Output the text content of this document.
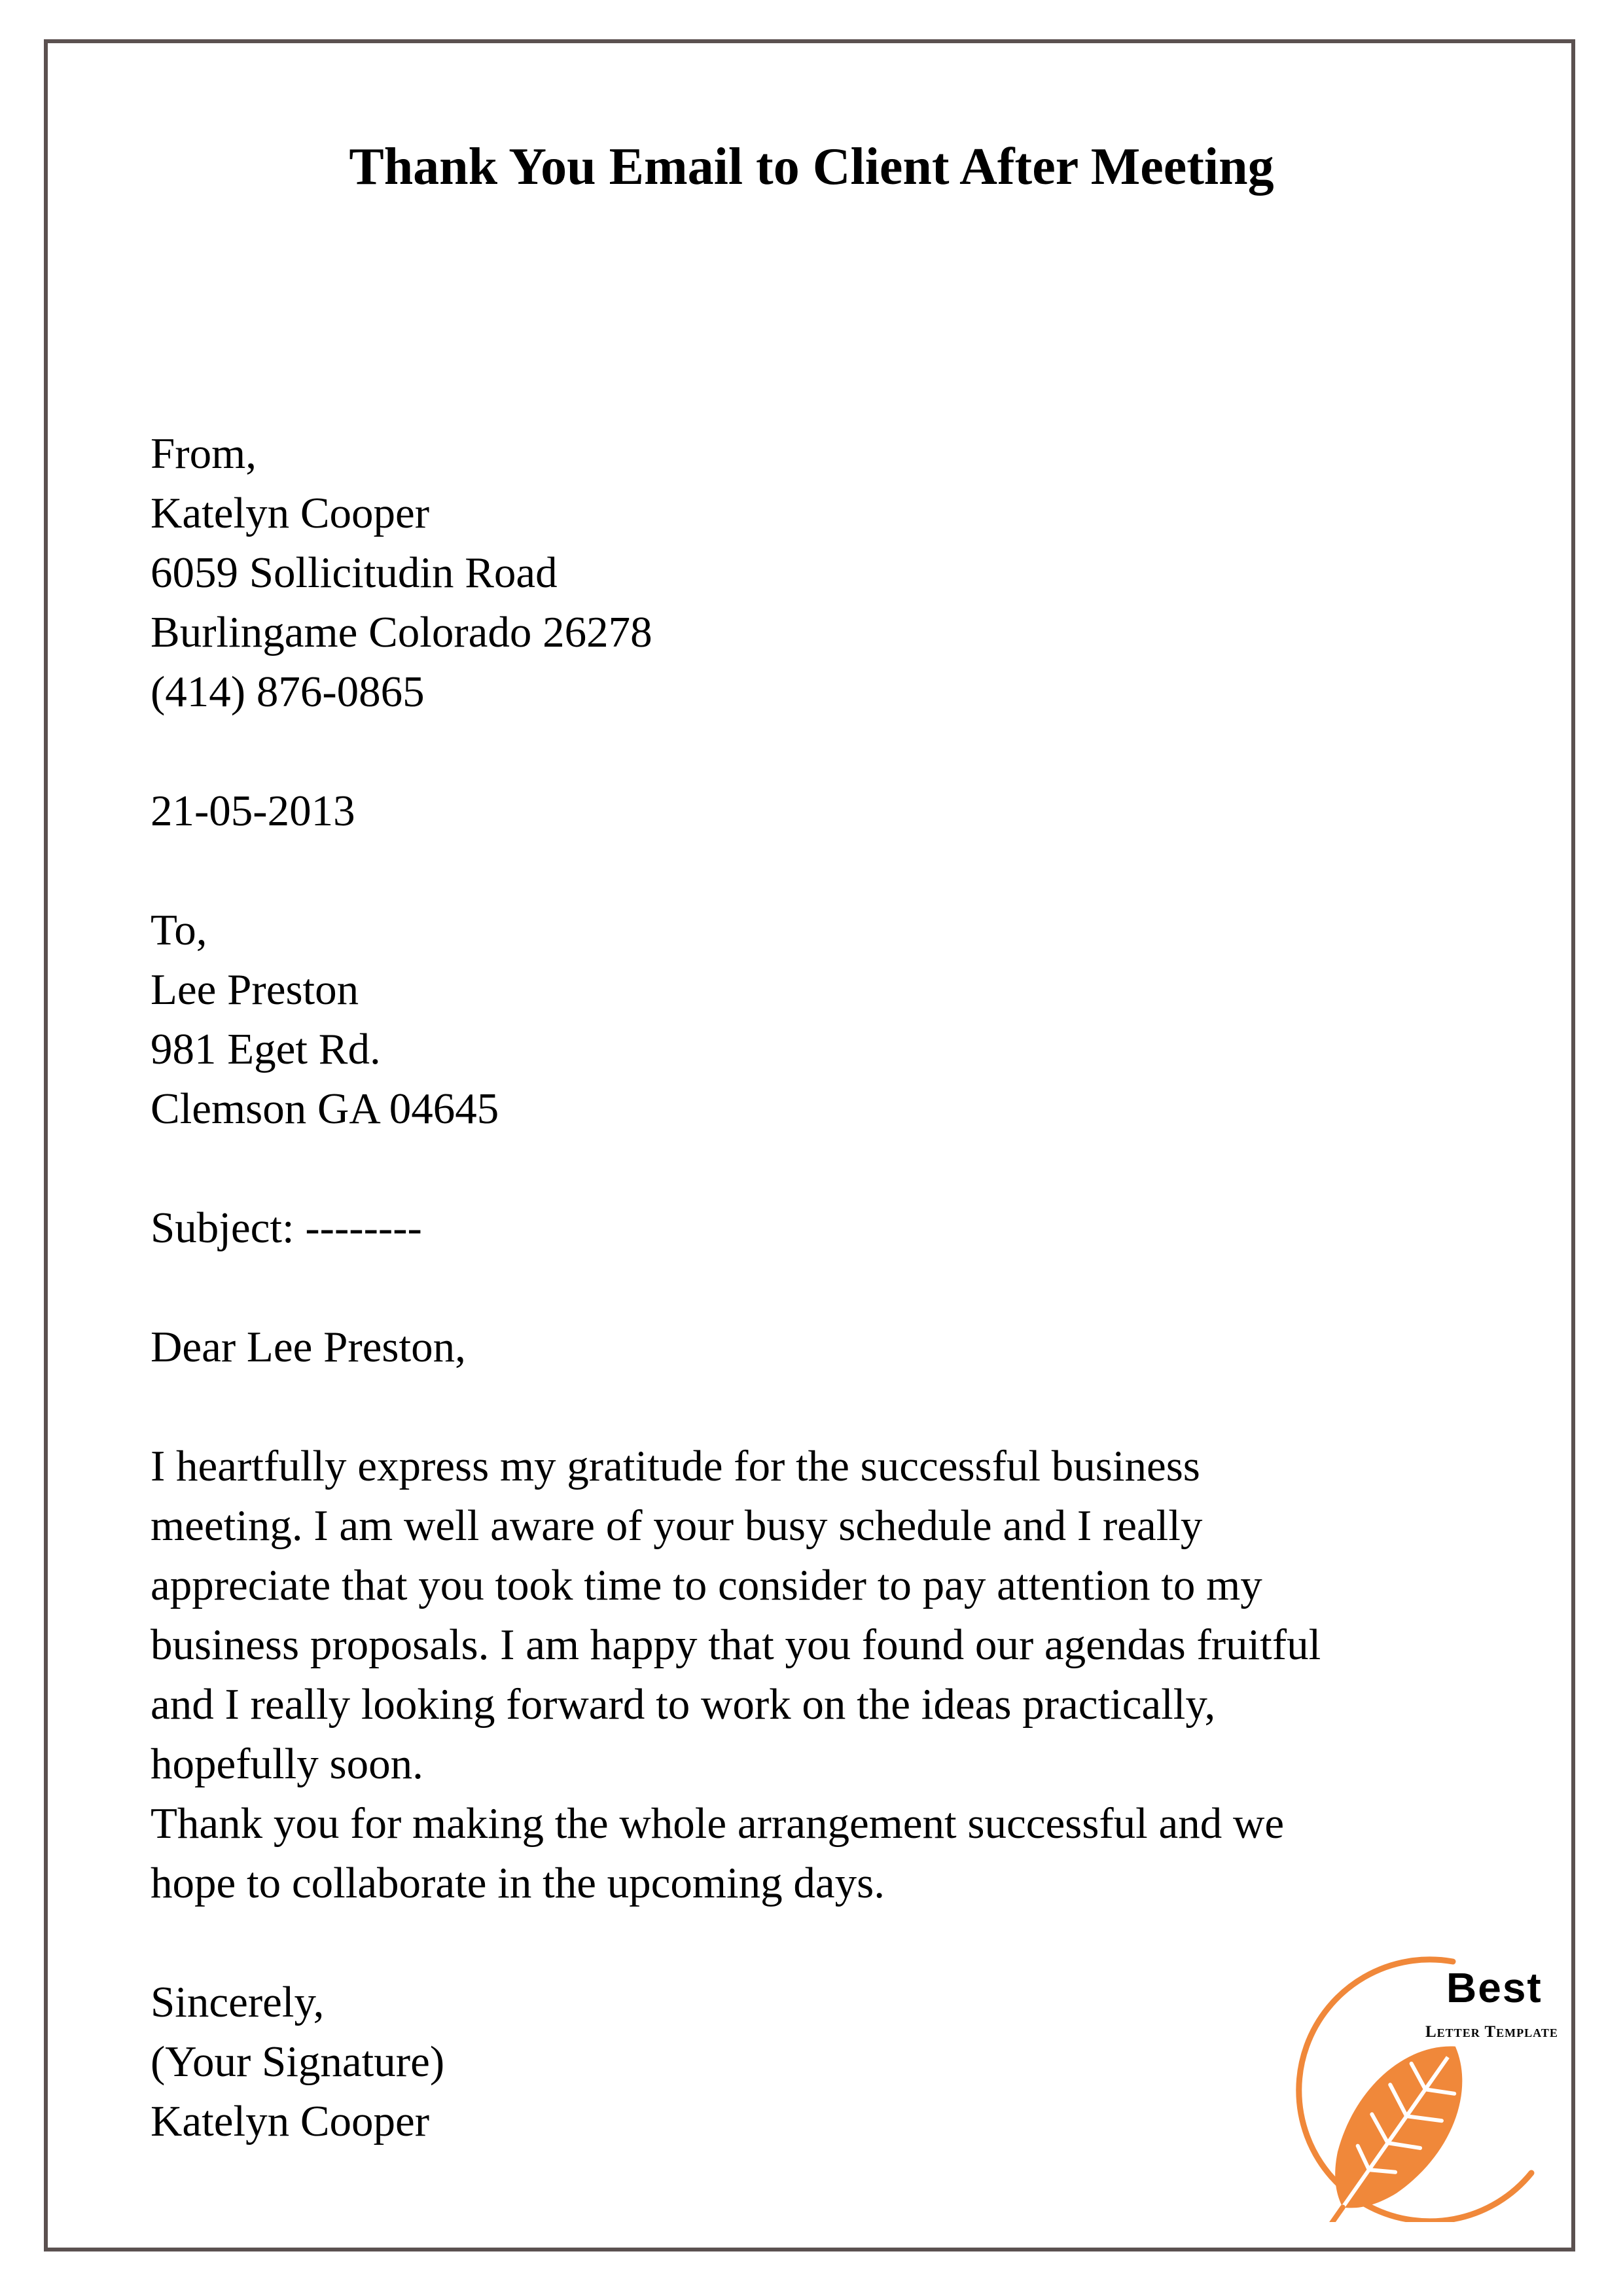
Thank You Email to Client After Meeting
From,
Katelyn Cooper
6059 Sollicitudin Road
Burlingame Colorado 26278
(414) 876-0865
21-05-2013
To,
Lee Preston
981 Eget Rd.
Clemson GA 04645
Subject: --------
Dear Lee Preston,
I heartfully express my gratitude for the successful business
meeting. I am well aware of your busy schedule and I really
appreciate that you took time to consider to pay attention to my
business proposals. I am happy that you found our agendas fruitful
and I really looking forward to work on the ideas practically,
hopefully soon.
Thank you for making the whole arrangement successful and we
hope to collaborate in the upcoming days.
Sincerely,
(Your Signature)
Katelyn Cooper
Best
Letter Template
